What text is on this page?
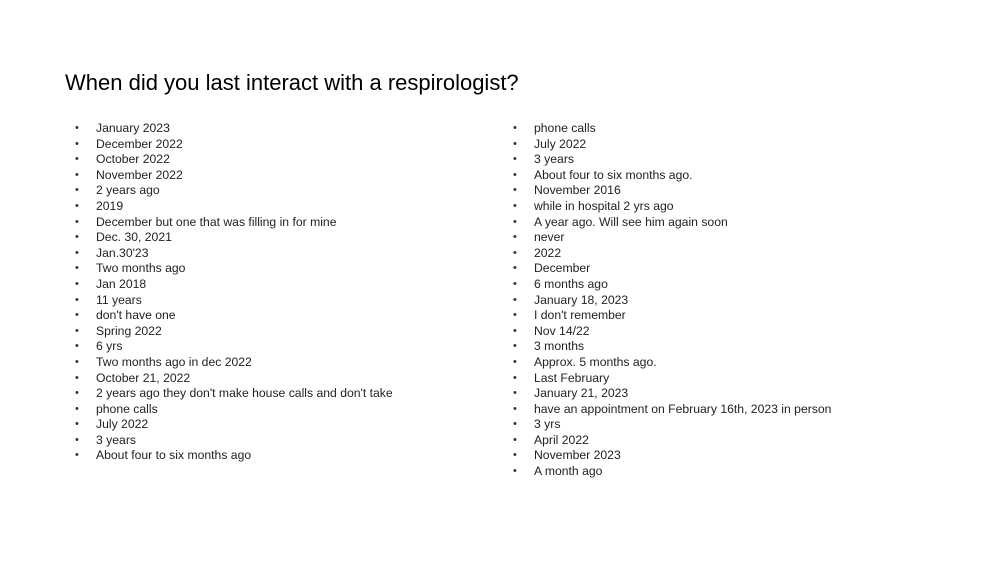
When did you last interact with a respirologist?
• January 2023
• December 2022
• October 2022
• November 2022
• 2 years ago
• 2019
• December but one that was filling in for mine
• Dec. 30, 2021
• Jan.30'23
• Two months ago
• Jan 2018
• 11 years
• don't have one
• Spring 2022
• 6 yrs
• Two months ago in dec 2022
• October 21, 2022
• 2 years ago they don't make house calls and don't take
• phone calls
• July 2022
• 3 years
• About four to six months ago
• phone calls
• July 2022
• 3 years
• About four to six months ago.
• November 2016
• while in hospital 2 yrs ago
• A year ago. Will see him again soon
• never
• 2022
• December
• 6 months ago
• January 18, 2023
• I don't remember
• Nov 14/22
• 3 months
• Approx. 5 months ago.
• Last February
• January 21, 2023
• have an appointment on February 16th, 2023 in person
• 3 yrs
• April 2022
• November 2023
• A month ago
